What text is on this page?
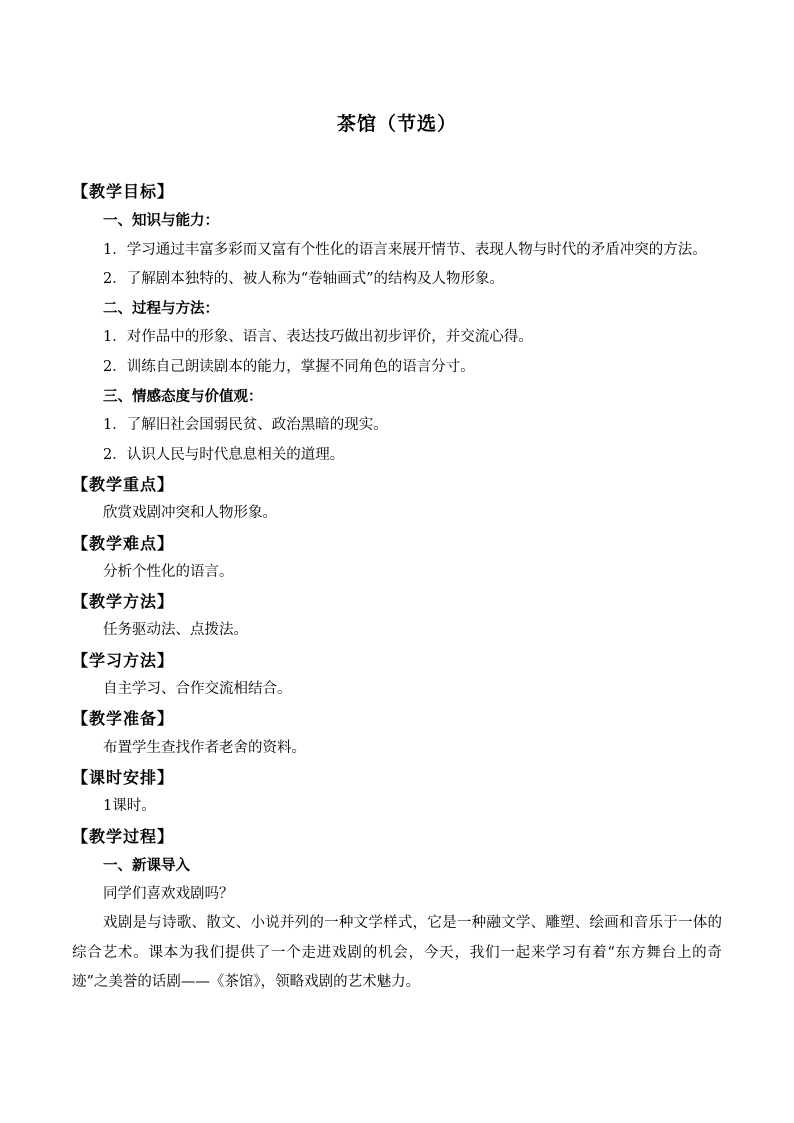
茶馆（节选）
【教学目标】
一、知识与能力：
1．学习通过丰富多彩而又富有个性化的语言来展开情节、表现人物与时代的矛盾冲突的方法。
2．了解剧本独特的、被人称为“卷轴画式”的结构及人物形象。
二、过程与方法：
1．对作品中的形象、语言、表达技巧做出初步评价，并交流心得。
2．训练自己朗读剧本的能力，掌握不同角色的语言分寸。
三、情感态度与价值观：
1．了解旧社会国弱民贫、政治黑暗的现实。
2．认识人民与时代息息相关的道理。
【教学重点】
欣赏戏剧冲突和人物形象。
【教学难点】
分析个性化的语言。
【教学方法】
任务驱动法、点拨法。
【学习方法】
自主学习、合作交流相结合。
【教学准备】
布置学生查找作者老舍的资料。
【课时安排】
1课时。
【教学过程】
一、新课导入
同学们喜欢戏剧吗？
戏剧是与诗歌、散文、小说并列的一种文学样式，它是一种融文学、雕塑、绘画和音乐于一体的综合艺术。课本为我们提供了一个走进戏剧的机会，今天，我们一起来学习有着“东方舞台上的奇迹”之美誉的话剧——《茶馆》，领略戏剧的艺术魅力。
